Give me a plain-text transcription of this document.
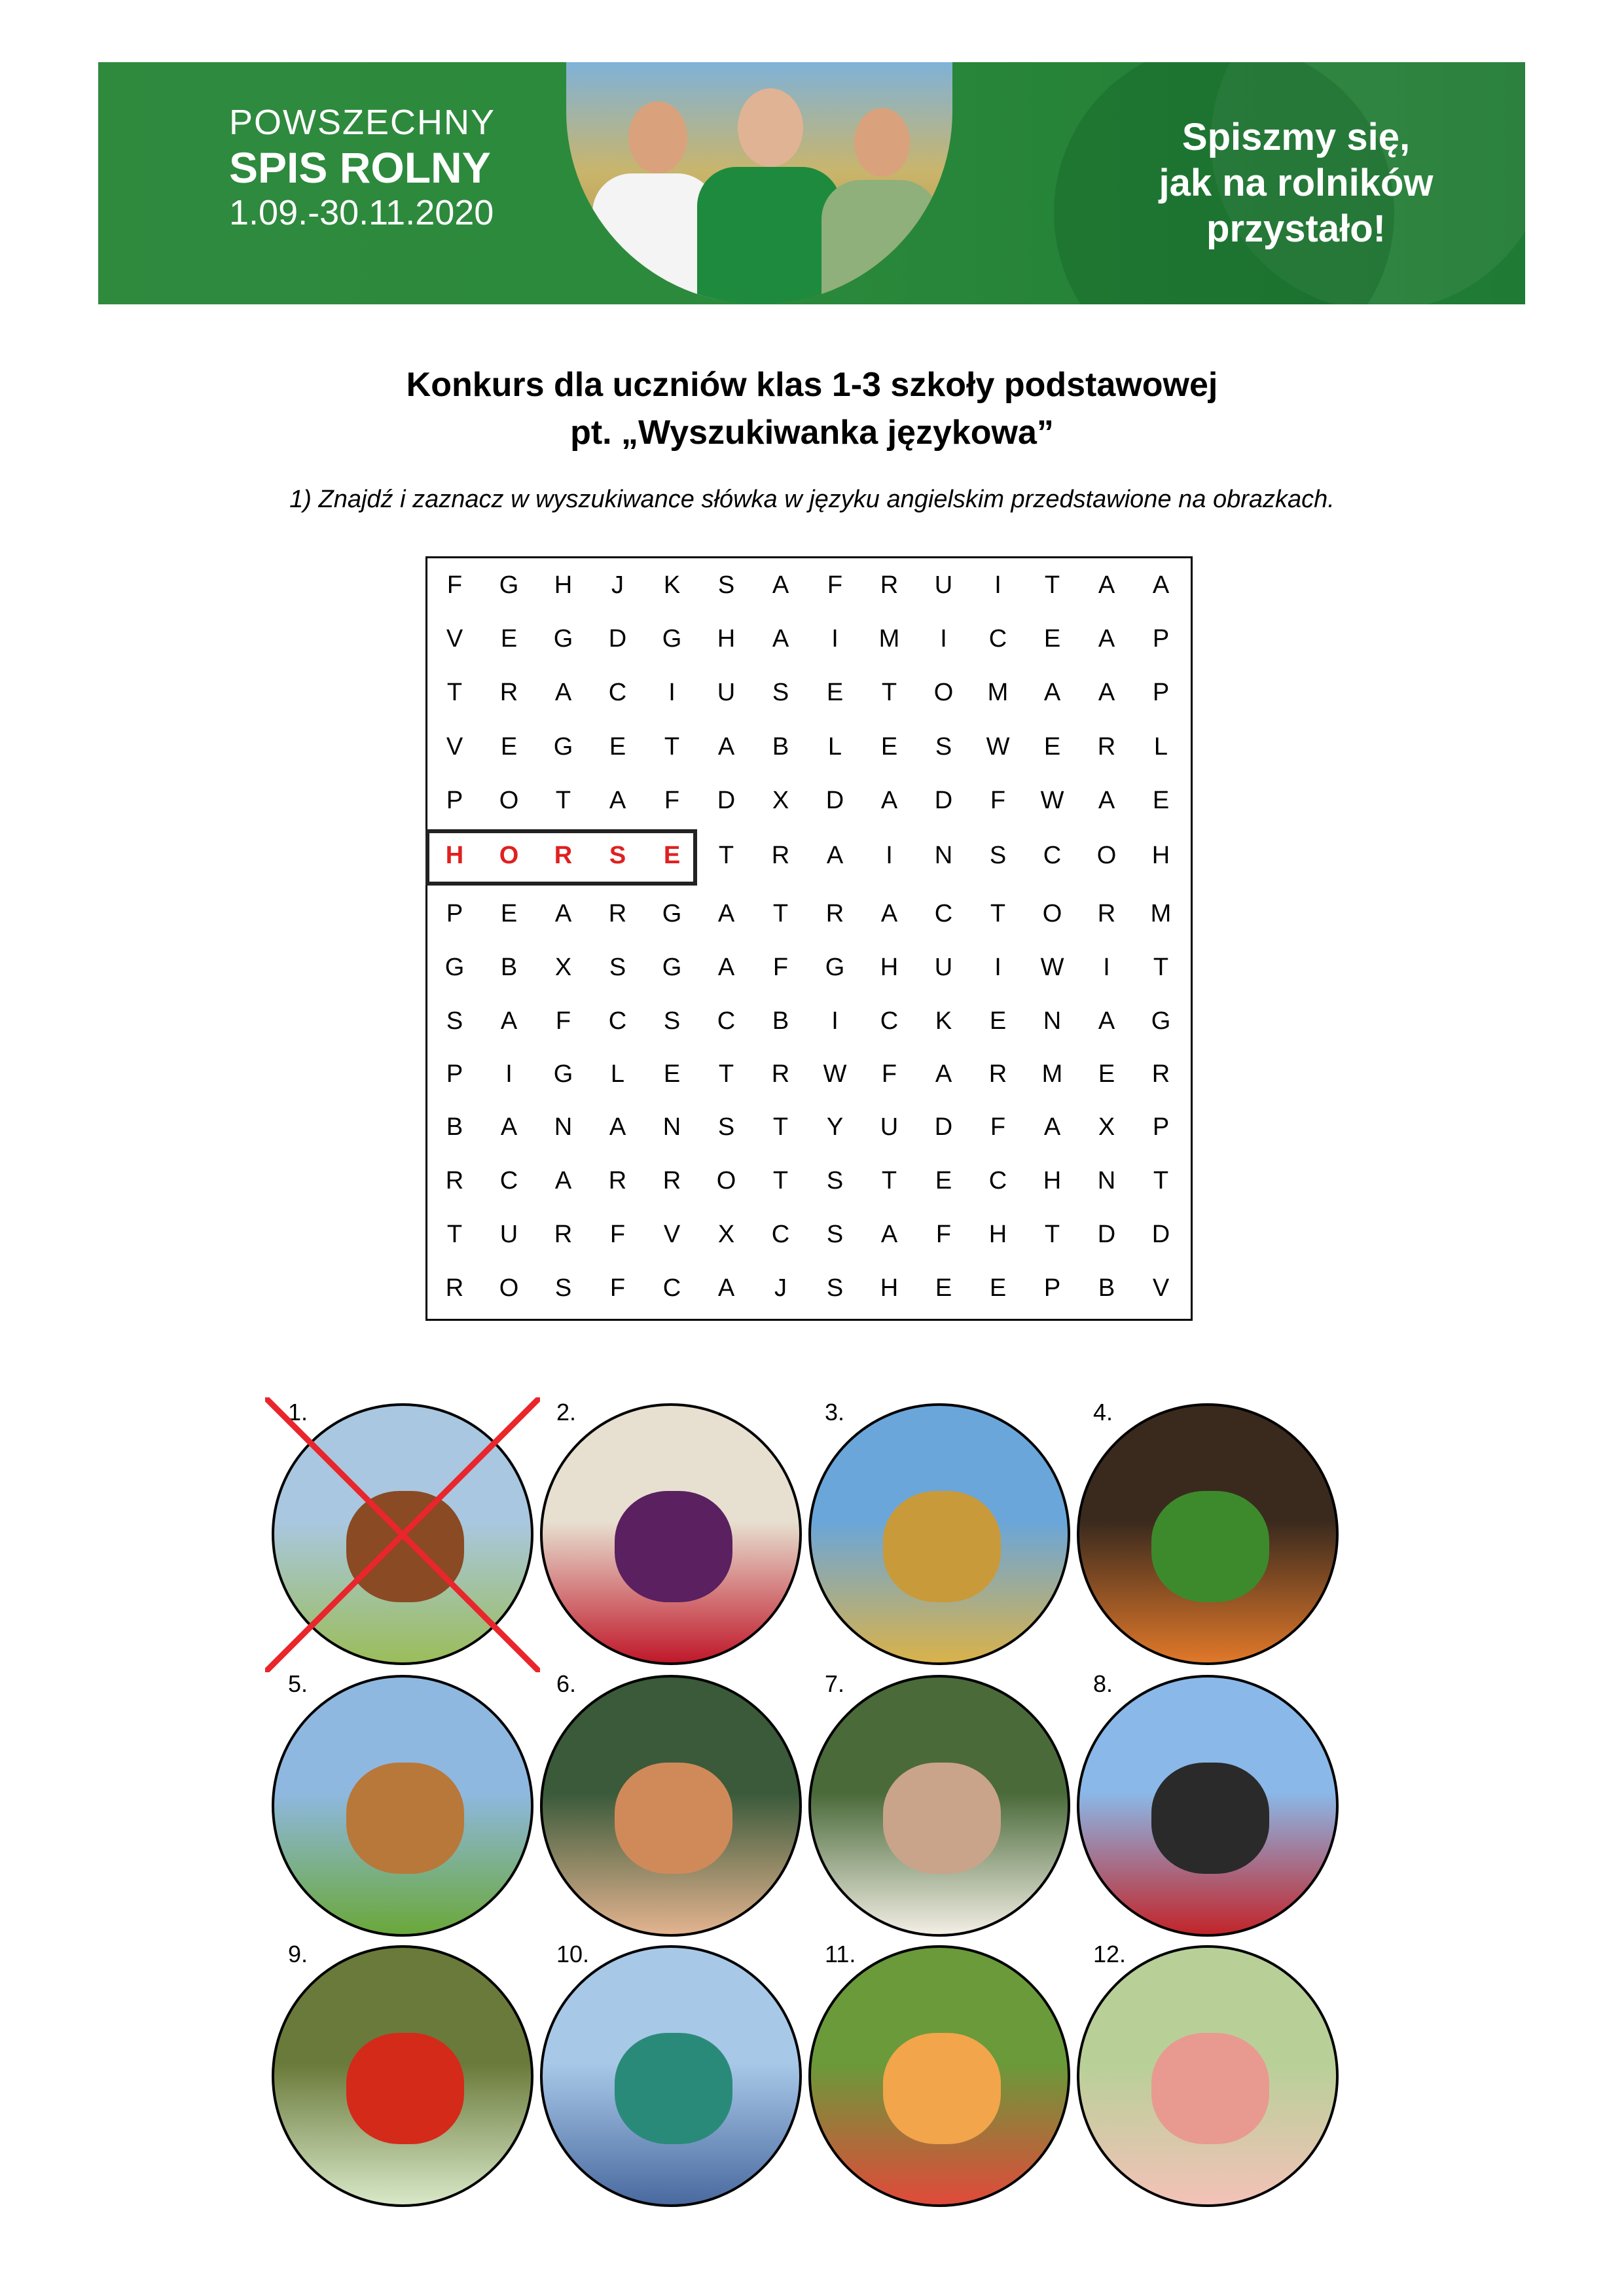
POWSZECHNY
SPIS ROLNY
1.09.-30.11.2020
Spiszmy się,
jak na rolników
przystało!
Konkurs dla uczniów klas 1-3 szkoły podstawowej
pt. „Wyszukiwanka językowa”
1) Znajdź i zaznacz w wyszukiwance słówka w języku angielskim przedstawione na obrazkach.
F	G	H	J	K	S	A	F	R	U	I	T	A	A
V	E	G	D	G	H	A	I	M	I	C	E	A	P
T	R	A	C	I	U	S	E	T	O	M	A	A	P
V	E	G	E	T	A	B	L	E	S	W	E	R	L
P	O	T	A	F	D	X	D	A	D	F	W	A	E
H	O	R	S	E	T	R	A	I	N	S	C	O	H
P	E	A	R	G	A	T	R	A	C	T	O	R	M
G	B	X	S	G	A	F	G	H	U	I	W	I	T
S	A	F	C	S	C	B	I	C	K	E	N	A	G
P	I	G	L	E	T	R	W	F	A	R	M	E	R
B	A	N	A	N	S	T	Y	U	D	F	A	X	P
R	C	A	R	R	O	T	S	T	E	C	H	N	T
T	U	R	F	V	X	C	S	A	F	H	T	D	D
R	O	S	F	C	A	J	S	H	E	E	P	B	V
1.	2.	3.	4.
5.	6.	7.	8.
9.	10.	11.	12.
